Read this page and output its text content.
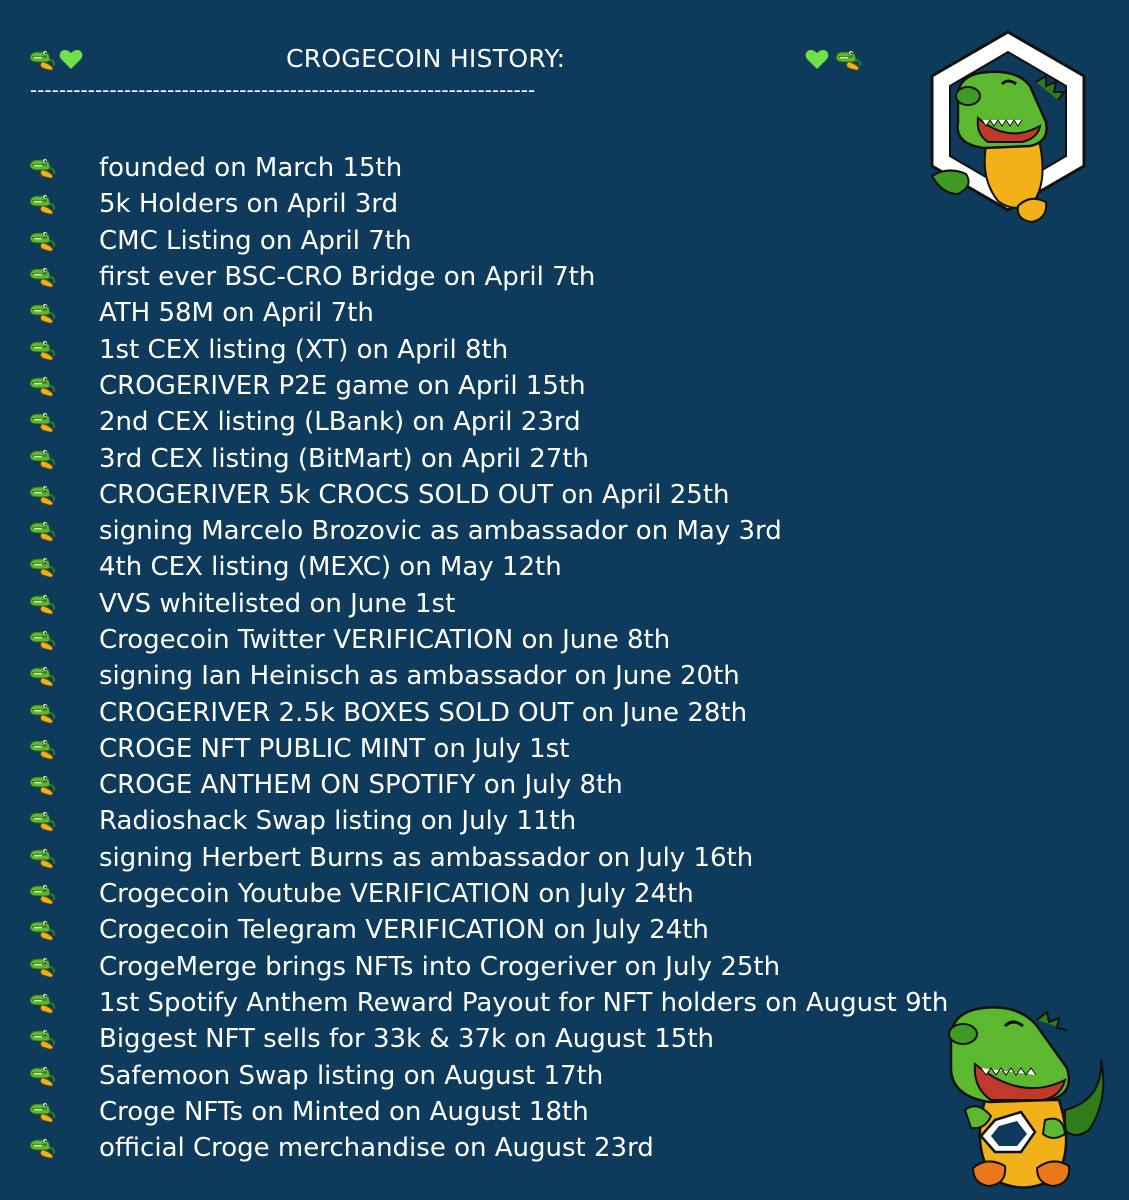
CROGECOIN HISTORY:
----------------------------------------------------------------------
founded on March 15th
5k Holders on April 3rd
CMC Listing on April 7th
first ever BSC-CRO Bridge on April 7th
ATH 58M on April 7th
1st CEX listing (XT) on April 8th
CROGERIVER P2E game on April 15th
2nd CEX listing (LBank) on April 23rd
3rd CEX listing (BitMart) on April 27th
CROGERIVER 5k CROCS SOLD OUT on April 25th
signing Marcelo Brozovic as ambassador on May 3rd
4th CEX listing (MEXC) on May 12th
VVS whitelisted on June 1st
Crogecoin Twitter VERIFICATION on June 8th
signing Ian Heinisch as ambassador on June 20th
CROGERIVER 2.5k BOXES SOLD OUT on June 28th
CROGE NFT PUBLIC MINT on July 1st
CROGE ANTHEM ON SPOTIFY on July 8th
Radioshack Swap listing on July 11th
signing Herbert Burns as ambassador on July 16th
Crogecoin Youtube VERIFICATION on July 24th
Crogecoin Telegram VERIFICATION on July 24th
CrogeMerge brings NFTs into Crogeriver on July 25th
1st Spotify Anthem Reward Payout for NFT holders on August 9th
Biggest NFT sells for 33k & 37k on August 15th
Safemoon Swap listing on August 17th
Croge NFTs on Minted on August 18th
official Croge merchandise on August 23rd
